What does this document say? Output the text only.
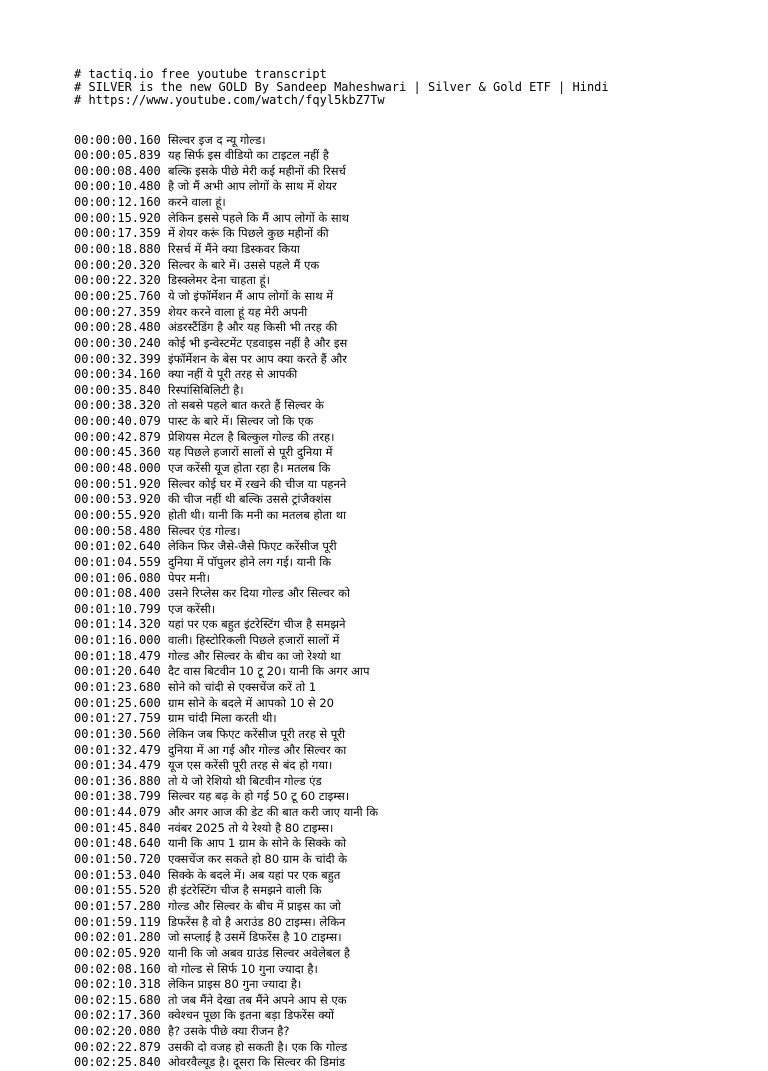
# tactiq.io free youtube transcript
# SILVER is the new GOLD By Sandeep Maheshwari | Silver & Gold ETF | Hindi
# https://www.youtube.com/watch/fqyl5kbZ7Tw
00:00:00.160
सिल्वर इज द न्यू गोल्ड।
00:00:05.839
यह सिर्फ इस वीडियो का टाइटल नहीं है
00:00:08.400
बल्कि इसके पीछे मेरी कई महीनों की रिसर्च
00:00:10.480
है जो मैं अभी आप लोगों के साथ में शेयर
00:00:12.160
करने वाला हूं।
00:00:15.920
लेकिन इससे पहले कि मैं आप लोगों के साथ
00:00:17.359
में शेयर करूं कि पिछले कुछ महीनों की
00:00:18.880
रिसर्च में मैंने क्या डिस्कवर किया
00:00:20.320
सिल्वर के बारे में। उससे पहले मैं एक
00:00:22.320
डिस्क्लेमर देना चाहता हूं।
00:00:25.760
ये जो इंफॉर्मेशन मैं आप लोगों के साथ में
00:00:27.359
शेयर करने वाला हूं यह मेरी अपनी
00:00:28.480
अंडरस्टैंडिंग है और यह किसी भी तरह की
00:00:30.240
कोई भी इन्वेस्टमेंट एडवाइस नहीं है और इस
00:00:32.399
इंफॉर्मेशन के बेस पर आप क्या करते हैं और
00:00:34.160
क्या नहीं ये पूरी तरह से आपकी
00:00:35.840
रिस्पांसिबिलिटी है।
00:00:38.320
तो सबसे पहले बात करते हैं सिल्वर के
00:00:40.079
पास्ट के बारे में। सिल्वर जो कि एक
00:00:42.879
प्रेशियस मेटल है बिल्कुल गोल्ड की तरह।
00:00:45.360
यह पिछले हजारों सालों से पूरी दुनिया में
00:00:48.000
एज करेंसी यूज होता रहा है। मतलब कि
00:00:51.920
सिल्वर कोई घर में रखने की चीज या पहनने
00:00:53.920
की चीज नहीं थी बल्कि उससे ट्रांजैक्शंस
00:00:55.920
होती थी। यानी कि मनी का मतलब होता था
00:00:58.480
सिल्वर एंड गोल्ड।
00:01:02.640
लेकिन फिर जैसे-जैसे फिएट करेंसीज पूरी
00:01:04.559
दुनिया में पॉपुलर होने लग गई। यानी कि
00:01:06.080
पेपर मनी।
00:01:08.400
उसने रिप्लेस कर दिया गोल्ड और सिल्वर को
00:01:10.799
एज करेंसी।
00:01:14.320
यहां पर एक बहुत इंटरेस्टिंग चीज है समझने
00:01:16.000
वाली। हिस्टोरिकली पिछले हजारों सालों में
00:01:18.479
गोल्ड और सिल्वर के बीच का जो रेश्यो था
00:01:20.640
दैट वास बिटवीन 10 टू 20। यानी कि अगर आप
00:01:23.680
सोने को चांदी से एक्सचेंज करें तो 1
00:01:25.600
ग्राम सोने के बदले में आपको 10 से 20
00:01:27.759
ग्राम चांदी मिला करती थी।
00:01:30.560
लेकिन जब फिएट करेंसीज पूरी तरह से पूरी
00:01:32.479
दुनिया में आ गई और गोल्ड और सिल्वर का
00:01:34.479
यूज एस करेंसी पूरी तरह से बंद हो गया।
00:01:36.880
तो ये जो रेशियो थी बिटवीन गोल्ड एंड
00:01:38.799
सिल्वर यह बढ़ के हो गई 50 टू 60 टाइम्स।
00:01:44.079
और अगर आज की डेट की बात करी जाए यानी कि
00:01:45.840
नवंबर 2025 तो ये रेश्यो है 80 टाइम्स।
00:01:48.640
यानी कि आप 1 ग्राम के सोने के सिक्के को
00:01:50.720
एक्सचेंज कर सकते हो 80 ग्राम के चांदी के
00:01:53.040
सिक्के के बदले में। अब यहां पर एक बहुत
00:01:55.520
ही इंटरेस्टिंग चीज है समझने वाली कि
00:01:57.280
गोल्ड और सिल्वर के बीच में प्राइस का जो
00:01:59.119
डिफरेंस है वो है अराउंड 80 टाइम्स। लेकिन
00:02:01.280
जो सप्लाई है उसमें डिफरेंस है 10 टाइम्स।
00:02:05.920
यानी कि जो अबव ग्राउंड सिल्वर अवेलेबल है
00:02:08.160
वो गोल्ड से सिर्फ 10 गुना ज्यादा है।
00:02:10.318
लेकिन प्राइस 80 गुना ज्यादा है।
00:02:15.680
तो जब मैंने देखा तब मैंने अपने आप से एक
00:02:17.360
क्वेश्चन पूछा कि इतना बड़ा डिफरेंस क्यों
00:02:20.080
है? उसके पीछे क्या रीजन है?
00:02:22.879
उसकी दो वजह हो सकती है। एक कि गोल्ड
00:02:25.840
ओवरवैल्यूड है। दूसरा कि सिल्वर की डिमांड
